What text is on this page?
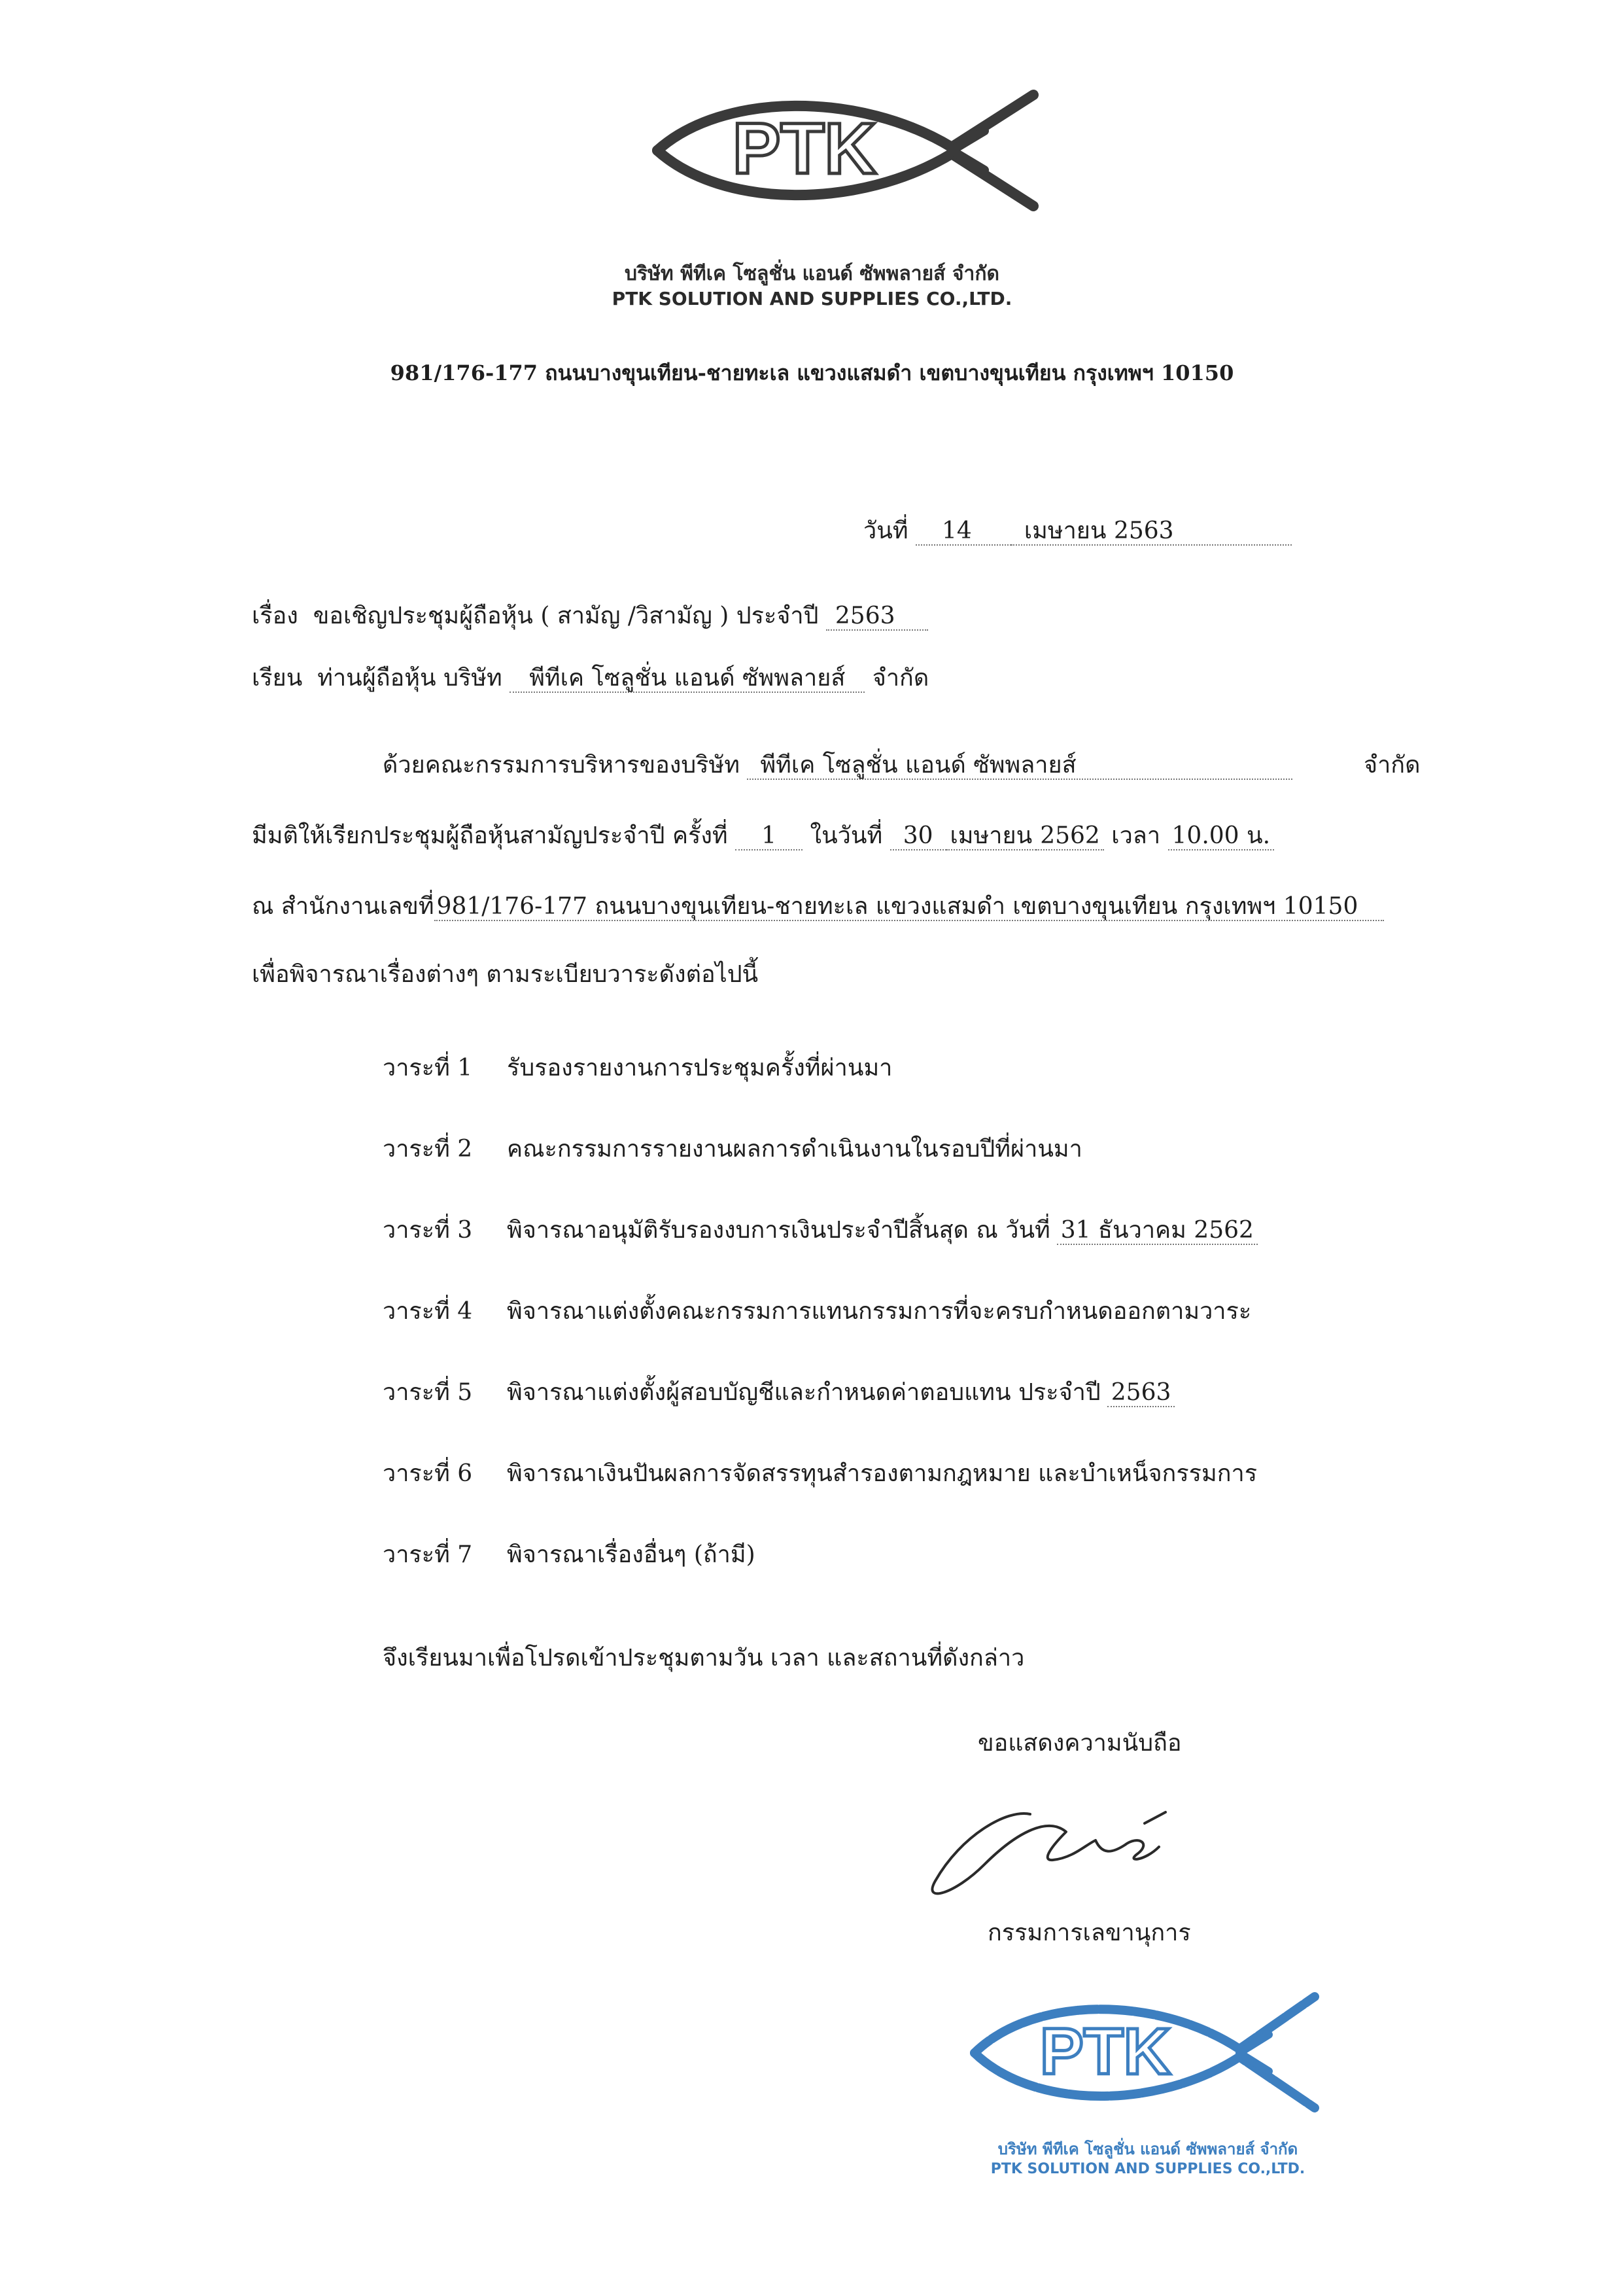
PTK
บริษัท พีทีเค โซลูชั่น แอนด์ ซัพพลายส์ จำกัด
PTK SOLUTION AND SUPPLIES CO.,LTD.
981/176-177 ถนนบางขุนเทียน-ชายทะเล แขวงแสมดำ เขตบางขุนเทียน กรุงเทพฯ 10150
วันที่ 14 เมษายน 2563
เรื่อง ขอเชิญประชุมผู้ถือหุ้น ( สามัญ /วิสามัญ ) ประจำปี 2563
เรียน ท่านผู้ถือหุ้น บริษัท พีทีเค โซลูชั่น แอนด์ ซัพพลายส์ จำกัด
ด้วยคณะกรรมการบริหารของบริษัท พีทีเค โซลูชั่น แอนด์ ซัพพลายส์	จำกัด
มีมติให้เรียกประชุมผู้ถือหุ้นสามัญประจำปี ครั้งที่ 1 ในวันที่ 30 เมษายน 2562 เวลา 10.00 น.
ณ สำนักงานเลขที่ 981/176-177 ถนนบางขุนเทียน-ชายทะเล แขวงแสมดำ เขตบางขุนเทียน กรุงเทพฯ 10150
เพื่อพิจารณาเรื่องต่างๆ ตามระเบียบวาระดังต่อไปนี้
วาระที่ 1 รับรองรายงานการประชุมครั้งที่ผ่านมา
วาระที่ 2 คณะกรรมการรายงานผลการดำเนินงานในรอบปีที่ผ่านมา
วาระที่ 3 พิจารณาอนุมัติรับรองงบการเงินประจำปีสิ้นสุด ณ วันที่ 31 ธันวาคม 2562
วาระที่ 4 พิจารณาแต่งตั้งคณะกรรมการแทนกรรมการที่จะครบกำหนดออกตามวาระ
วาระที่ 5 พิจารณาแต่งตั้งผู้สอบบัญชีและกำหนดค่าตอบแทน ประจำปี 2563
วาระที่ 6 พิจารณาเงินปันผลการจัดสรรทุนสำรองตามกฎหมาย และบำเหน็จกรรมการ
วาระที่ 7 พิจารณาเรื่องอื่นๆ (ถ้ามี)
จึงเรียนมาเพื่อโปรดเข้าประชุมตามวัน เวลา และสถานที่ดังกล่าว
ขอแสดงความนับถือ
กรรมการเลขานุการ
PTK
บริษัท พีทีเค โซลูชั่น แอนด์ ซัพพลายส์ จำกัด
PTK SOLUTION AND SUPPLIES CO.,LTD.
